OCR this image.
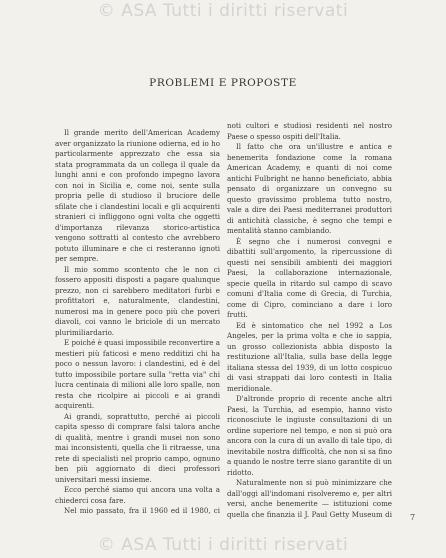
© ASA Tutti i diritti riservati
PROBLEMI E PROPOSTE

Il grande merito dell'American Academy aver organizzato la riunione odierna, ed io ho particolarmente apprezzato che essa sia stata programmata da un collega il quale da lunghi anni e con profondo impegno lavora con noi in Sicilia e, come noi, sente sulla propria pelle di studioso il bruciore delle sfilate che i clandestini locali e gli acquirenti stranieri ci infliggono ogni volta che oggetti d'importanza rilevanza storico-artistica vengono sottratti al contesto che avrebbero potuto illuminare e che ci resteranno ignoti per sempre.

Il mio sommo scontento che le non ci fossero appositi disposti a pagare qualunque prezzo, non ci sarebbero meditatori furbi e profittatori e, naturalmente, clandestini, numerosi ma in genere poco più che poveri diavoli, coi vanno le briciole di un mercato plurimiliardario.

E poiché è quasi impossibile reconvertire a mestieri più faticosi e meno redditizi chi ha poco o nessun lavoro: i clandestini, ed è del tutto impossibile portare sulla "retta via" chi lucra centinaia di milioni alle loro spalle, non resta che ricolpire ai piccoli e ai grandi acquirenti.

Ai grandi, soprattutto, perché ai piccoli capita spesso di comprare falsi talora anche di qualità, mentre i grandi musei non sono mai inconsistenti, quella che li ritraesse, una rete di specialisti nel proprio campo, ognuno ben più aggiornato di dieci professori universitari messi insieme.

Ecco perché siamo qui ancora una volta a chiederci cosa fare.

Nel mio passato, fra il 1960 ed il 1980, ci

noti cultori e studiosi residenti nel nostro Paese o spesso ospiti dell'Italia.

Il fatto che ora un'illustre e antica e benemerita fondazione come la romana American Academy, e quanti di noi come antichi Fulbright ne hanno beneficiato, abbia pensato di organizzare un convegno su questo gravissimo problema tutto nostro, vale a dire dei Paesi mediterranei produttori di antichità classiche, è segno che tempi e mentalità stanno cambiando.

È segno che i numerosi convegni e dibattiti sull'argomento, la ripercussione di questi nei sensibili ambienti dei maggiori Paesi, la collaborazione internazionale, specie quella in ritardo sul campo di scavo comuni d'Italia come di Grecia, di Turchia, come di Cipro, cominciano a dare i loro frutti.

Ed è sintomatico che nel 1992 a Los Angeles, per la prima volta e che io sappia, un grosso collezionista abbia disposto la restituzione all'Italia, sulla base della legge italiana stessa del 1939, di un lotto cospicuo di vasi strappati dai loro contesti in Italia meridionale.

D'altronde proprio di recente anche altri Paesi, la Turchia, ad esempio, hanno visto riconosciute le ingiuste consultazioni di un ordine superiore nel tempo, e non si può ora ancora con la cura di un avallo di tale tipo, di inevitabile nostra difficoltà, che non si sa fino a quando le nostre terre siano garantite di un ridotto.

Naturalmente non si può minimizzare che dall'oggi all'indomani risolveremo e, per altri versi, anche benemerite — istituzioni come quella che finanzia il J. Paul Getty Museum di 7
© ASA Tutti i diritti riservati
